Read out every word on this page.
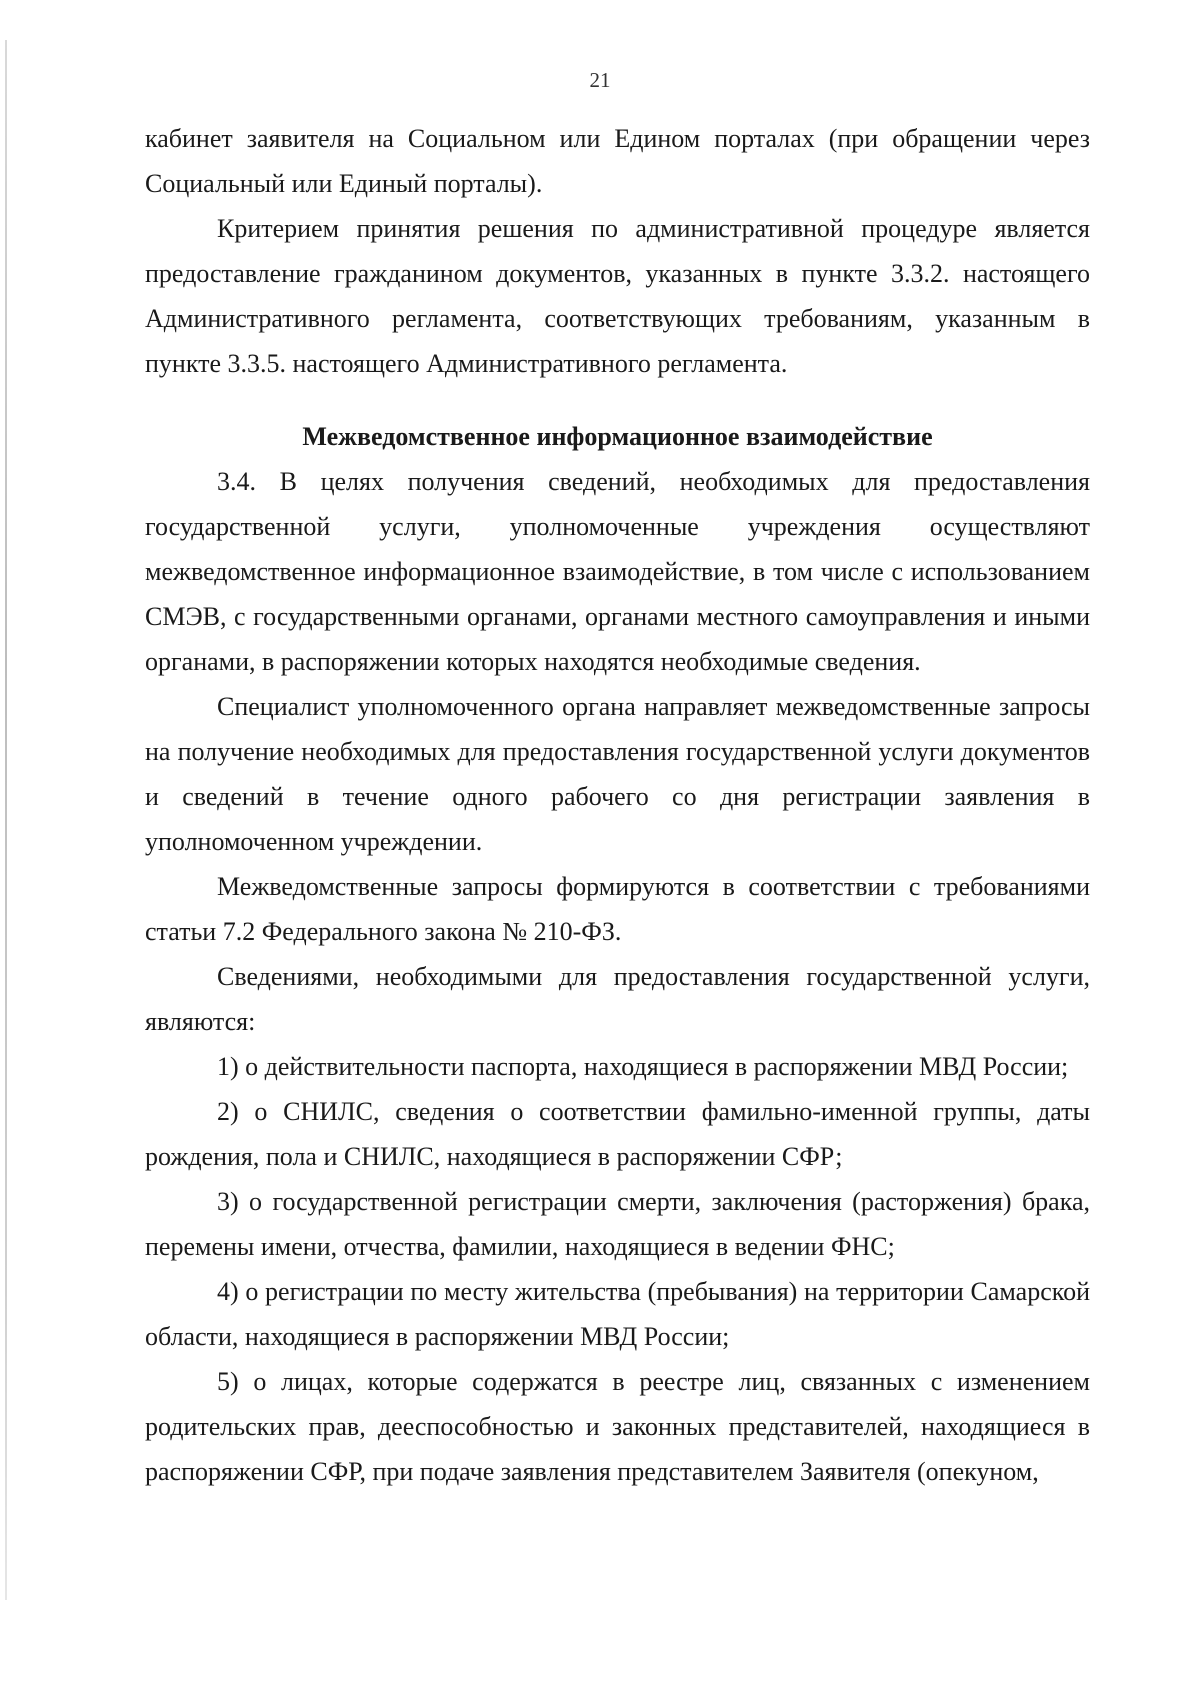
21

кабинет заявителя на Социальном или Едином порталах (при обращении через Социальный или Единый порталы).

Критерием принятия решения по административной процедуре является предоставление гражданином документов, указанных в пункте 3.3.2. настоящего Административного регламента, соответствующих требованиям, указанным в пункте 3.3.5. настоящего Административного регламента.

Межведомственное информационное взаимодействие

3.4. В целях получения сведений, необходимых для предоставления государственной услуги, уполномоченные учреждения осуществляют межведомственное информационное взаимодействие, в том числе с использованием СМЭВ, с государственными органами, органами местного самоуправления и иными органами, в распоряжении которых находятся необходимые сведения.

Специалист уполномоченного органа направляет межведомственные запросы на получение необходимых для предоставления государственной услуги документов и сведений в течение одного рабочего со дня регистрации заявления в уполномоченном учреждении.

Межведомственные запросы формируются в соответствии с требованиями статьи 7.2 Федерального закона № 210-ФЗ.

Сведениями, необходимыми для предоставления государственной услуги, являются:

1) о действительности паспорта, находящиеся в распоряжении МВД России;

2) о СНИЛС, сведения о соответствии фамильно-именной группы, даты рождения, пола и СНИЛС, находящиеся в распоряжении СФР;

3) о государственной регистрации смерти, заключения (расторжения) брака, перемены имени, отчества, фамилии, находящиеся в ведении ФНС;

4) о регистрации по месту жительства (пребывания) на территории Самарской области, находящиеся в распоряжении МВД России;

5) о лицах, которые содержатся в реестре лиц, связанных с изменением родительских прав, дееспособностью и законных представителей, находящиеся в распоряжении СФР, при подаче заявления представителем Заявителя (опекуном,
